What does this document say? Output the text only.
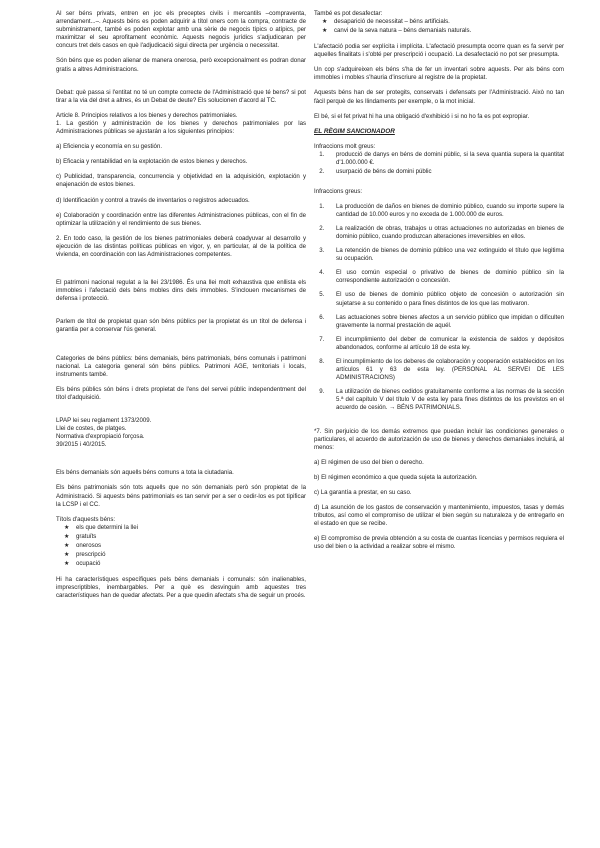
Al ser béns privats, entren en joc els preceptes civils i mercantils –compraventa, arrendament...–. Aquests béns es poden adquirir a títol oners com la compra, contracte de subministrament, també es poden explotar amb una sèrie de negocis típics o atípics, per maximitzar el seu aprofitament econòmic. Aquests negocis jurídics s'adjudicaran per concurs tret dels casos en què l'adjudicació sigui directa per urgència o necessitat.

Són béns que es poden alienar de manera onerosa, però excepcionalment es podran donar gratis a altres Administracions.

Debat: què passa si l'entitat no té un compte correcte de l'Administració que té bens? si pot tirar a la via del dret a altres, és un Debat de deute? Els solucionen d'acord al TC.

Article 8. Principios relativos a los bienes y derechos patrimoniales.

1. La gestión y administración de los bienes y derechos patrimoniales por las Administraciones públicas se ajustarán a los siguientes principios:

a) Eficiencia y economía en su gestión.

b) Eficacia y rentabilidad en la explotación de estos bienes y derechos.

c) Publicidad, transparencia, concurrencia y objetividad en la adquisición, explotación y enajenación de estos bienes.

d) Identificación y control a través de inventarios o registros adecuados.

e) Colaboración y coordinación entre las diferentes Administraciones públicas, con el fin de optimizar la utilización y el rendimiento de sus bienes.

2. En todo caso, la gestión de los bienes patrimoniales deberá coadyuvar al desarrollo y ejecución de las distintas políticas públicas en vigor, y, en particular, al de la política de vivienda, en coordinación con las Administraciones competentes.

El patrimoni nacional regulat a la llei 23/1986. És una llei molt exhaustiva que enllista els immobles i l'afectació dels béns mobles dins dels immobles. S'inclouen mecanismes de defensa i protecció.

Parlem de títol de propietat quan són béns públics per la propietat és un títol de defensa i garantia per a conservar l'ús general.

Categories de béns públics: béns demanials, béns patrimonials, béns comunals i patrimoni nacional. La categoria general són béns públics. Patrimoni AGE, territorials i locals, instruments també.

Els béns públics són béns i drets propietat de l'ens del servei públic independentment del títol d'adquisició.

LPAP lei seu reglament 1373/2009.
Llei de costes, de platges.
Normativa d'expropiació forçosa.
39/2015 i 40/2015.

Els béns demanials són aquells béns comuns a tota la ciutadania.

Els béns patrimonials són tots aquells que no són demanials però són propietat de la Administració. Si aquests béns patrimonials es tan servir per a ser o cedir-los es pot tipificar la LCSP i el CC.

Títols d'aquests béns:
★ els que determini la llei
★ gratuïts
★ onerosos
★ prescripció
★ ocupació

Hi ha característiques específiques pels béns demanials i comunals: són inalienables, imprescriptibles, inembargables. Per a què es desvinguin amb aquestes tres característiques han de quedar afectats. Per a que quedin afectats s'ha de seguir un procés.

També es pot desafectar:
★ desaparició de necessitat – béns artificials.
★ canvi de la seva natura – béns demanials naturals.

L'afectació podia ser explícita i implícita. L'afectació presumpta ocorre quan es fa servir per aquelles finalitats i s'obté per prescripció i ocupació. La desafectació no pot ser presumpta.

Un cop s'adquireixen els béns s'ha de fer un inventari sobre aquests. Per als béns com immobles i mobles s'hauria d'inscriure al registre de la propietat.

Aquests béns han de ser protegits, conservats i defensats per l'Administració. Això no tan fàcil perquè de les llindaments per exemple, o la mot inicial.

El bé, si el fet privat hi ha una obligació d'exhibició i si no ho fa es pot expropiar.

EL RÈGIM SANCIONADOR
Infraccions molt greus:
1. producció de danys en béns de domini públic, si la seva quantia supera la quantitat d'1.000.000 €.
2. usurpació de béns de domini públic
Infraccions greus:
1. La producción de daños en bienes de dominio público, cuando su importe supere la cantidad de 10.000 euros y no exceda de 1.000.000 de euros.
2. La realización de obras, trabajos u otras actuaciones no autorizadas en bienes de dominio público, cuando produzcan alteraciones irreversibles en ellos.
3. La retención de bienes de dominio público una vez extinguido el título que legitima su ocupación.
4. El uso común especial o privativo de bienes de dominio público sin la correspondiente autorización o concesión.
5. El uso de bienes de dominio público objeto de concesión o autorización sin sujetarse a su contenido o para fines distintos de los que las motivaron.
6. Las actuaciones sobre bienes afectos a un servicio público que impidan o dificulten gravemente la normal prestación de aquél.
7. El incumplimiento del deber de comunicar la existencia de saldos y depósitos abandonados, conforme al artículo 18 de esta ley.
8. El incumplimiento de los deberes de colaboración y cooperación establecidos en los artículos 61 y 63 de esta ley. (PERSONAL AL SERVEI DE LES ADMINISTRACIONS)
9. La utilización de bienes cedidos gratuitamente conforme a las normas de la sección 5.ª del capítulo V del título V de esta ley para fines distintos de los previstos en el acuerdo de cesión. → BÉNS PATRIMONIALS.

*7. Sin perjuicio de los demás extremos que puedan incluir las condiciones generales o particulares, el acuerdo de autorización de uso de bienes y derechos demaniales incluirá, al menos:

a) El régimen de uso del bien o derecho.

b) El régimen económico a que queda sujeta la autorización.

c) La garantía a prestar, en su caso.

d) La asunción de los gastos de conservación y mantenimiento, impuestos, tasas y demás tributos, así como el compromiso de utilizar el bien según su naturaleza y de entregarlo en el estado en que se recibe.

e) El compromiso de previa obtención a su costa de cuantas licencias y permisos requiera el uso del bien o la actividad a realizar sobre el mismo.
